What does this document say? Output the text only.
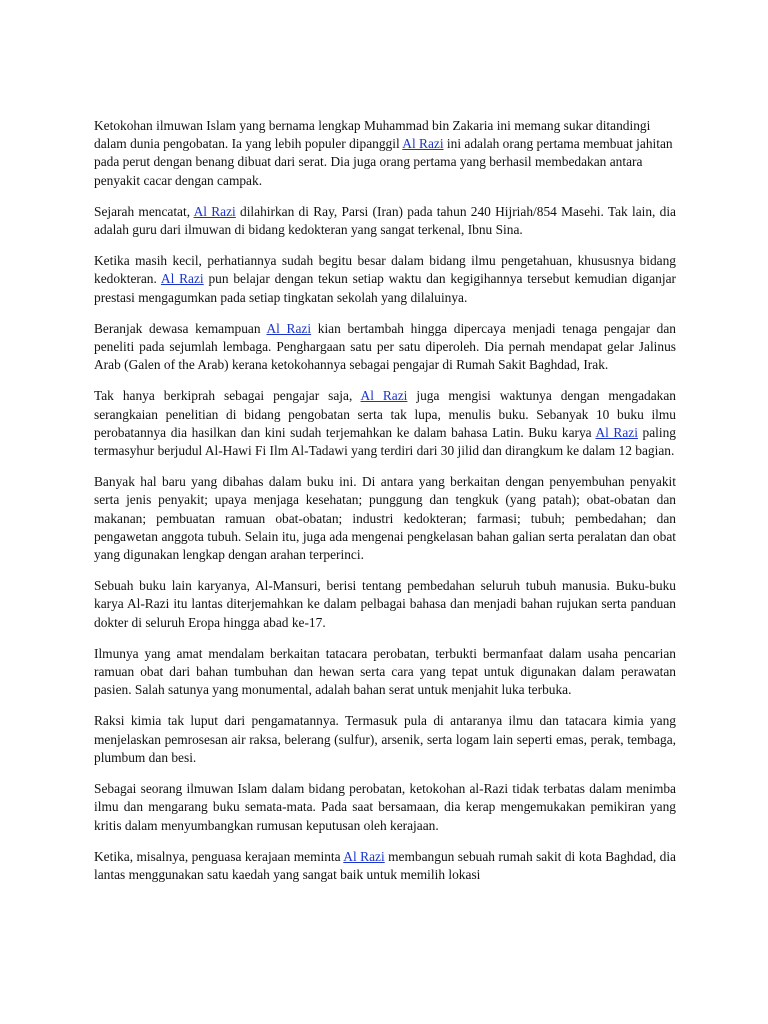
Ketokohan ilmuwan Islam yang bernama lengkap Muhammad bin Zakaria ini memang sukar ditandingi dalam dunia pengobatan. Ia yang lebih populer dipanggil Al Razi ini adalah orang pertama membuat jahitan pada perut dengan benang dibuat dari serat. Dia juga orang pertama yang berhasil membedakan antara penyakit cacar dengan campak.

Sejarah mencatat, Al Razi dilahirkan di Ray, Parsi (Iran) pada tahun 240 Hijriah/854 Masehi. Tak lain, dia adalah guru dari ilmuwan di bidang kedokteran yang sangat terkenal, Ibnu Sina.

Ketika masih kecil, perhatiannya sudah begitu besar dalam bidang ilmu pengetahuan, khususnya bidang kedokteran. Al Razi pun belajar dengan tekun setiap waktu dan kegigihannya tersebut kemudian diganjar prestasi mengagumkan pada setiap tingkatan sekolah yang dilaluinya.

Beranjak dewasa kemampuan Al Razi kian bertambah hingga dipercaya menjadi tenaga pengajar dan peneliti pada sejumlah lembaga. Penghargaan satu per satu diperoleh. Dia pernah mendapat gelar Jalinus Arab (Galen of the Arab) kerana ketokohannya sebagai pengajar di Rumah Sakit Baghdad, Irak.

Tak hanya berkiprah sebagai pengajar saja, Al Razi juga mengisi waktunya dengan mengadakan serangkaian penelitian di bidang pengobatan serta tak lupa, menulis buku. Sebanyak 10 buku ilmu perobatannya dia hasilkan dan kini sudah terjemahkan ke dalam bahasa Latin. Buku karya Al Razi paling termasyhur berjudul Al-Hawi Fi Ilm Al-Tadawi yang terdiri dari 30 jilid dan dirangkum ke dalam 12 bagian.

Banyak hal baru yang dibahas dalam buku ini. Di antara yang berkaitan dengan penyembuhan penyakit serta jenis penyakit; upaya menjaga kesehatan; punggung dan tengkuk (yang patah); obat-obatan dan makanan; pembuatan ramuan obat-obatan; industri kedokteran; farmasi; tubuh; pembedahan; dan pengawetan anggota tubuh. Selain itu, juga ada mengenai pengkelasan bahan galian serta peralatan dan obat yang digunakan lengkap dengan arahan terperinci.

Sebuah buku lain karyanya, Al-Mansuri, berisi tentang pembedahan seluruh tubuh manusia. Buku-buku karya Al-Razi itu lantas diterjemahkan ke dalam pelbagai bahasa dan menjadi bahan rujukan serta panduan dokter di seluruh Eropa hingga abad ke-17.

Ilmunya yang amat mendalam berkaitan tatacara perobatan, terbukti bermanfaat dalam usaha pencarian ramuan obat dari bahan tumbuhan dan hewan serta cara yang tepat untuk digunakan dalam perawatan pasien. Salah satunya yang monumental, adalah bahan serat untuk menjahit luka terbuka.

Raksi kimia tak luput dari pengamatannya. Termasuk pula di antaranya ilmu dan tatacara kimia yang menjelaskan pemrosesan air raksa, belerang (sulfur), arsenik, serta logam lain seperti emas, perak, tembaga, plumbum dan besi.

Sebagai seorang ilmuwan Islam dalam bidang perobatan, ketokohan al-Razi tidak terbatas dalam menimba ilmu dan mengarang buku semata-mata. Pada saat bersamaan, dia kerap mengemukakan pemikiran yang kritis dalam menyumbangkan rumusan keputusan oleh kerajaan.

Ketika, misalnya, penguasa kerajaan meminta Al Razi membangun sebuah rumah sakit di kota Baghdad, dia lantas menggunakan satu kaedah yang sangat baik untuk memilih lokasi
